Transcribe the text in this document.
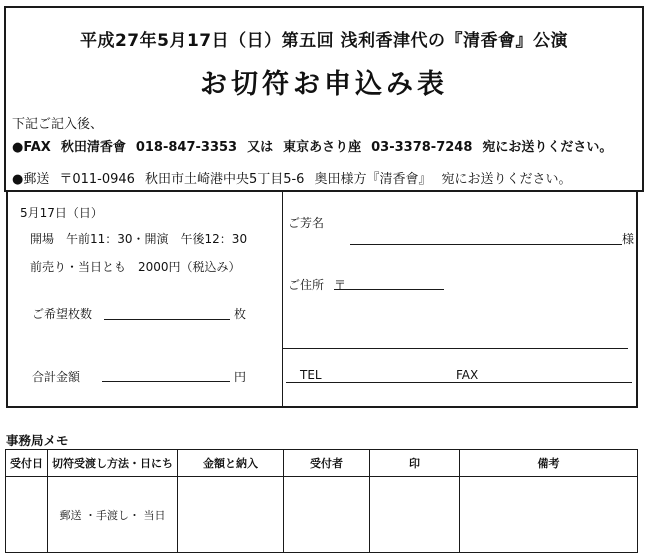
平成27年5月17日（日）第五回 浅利香津代の『清香會』公演
お切符お申込み表
下記ご記入後、
●FAX 秋田清香會 018-847-3353 又は 東京あさり座 03-3378-7248 宛にお送りください。
●郵送 〒011-0946 秋田市土崎港中央5丁目5-6 奥田様方『清香會』 宛にお送りください。
5月17日（日）
開場　午前11：30・開演　午後12：30
前売り・当日とも　2000円（税込み）
ご希望枚数	枚
合計金額	円
ご芳名
様
ご住所 〒
TEL	FAX
事務局メモ
受付日	切符受渡し方法・日にち	金額と納入	受付者	印	備考
	郵送 ・手渡し・ 当日				
